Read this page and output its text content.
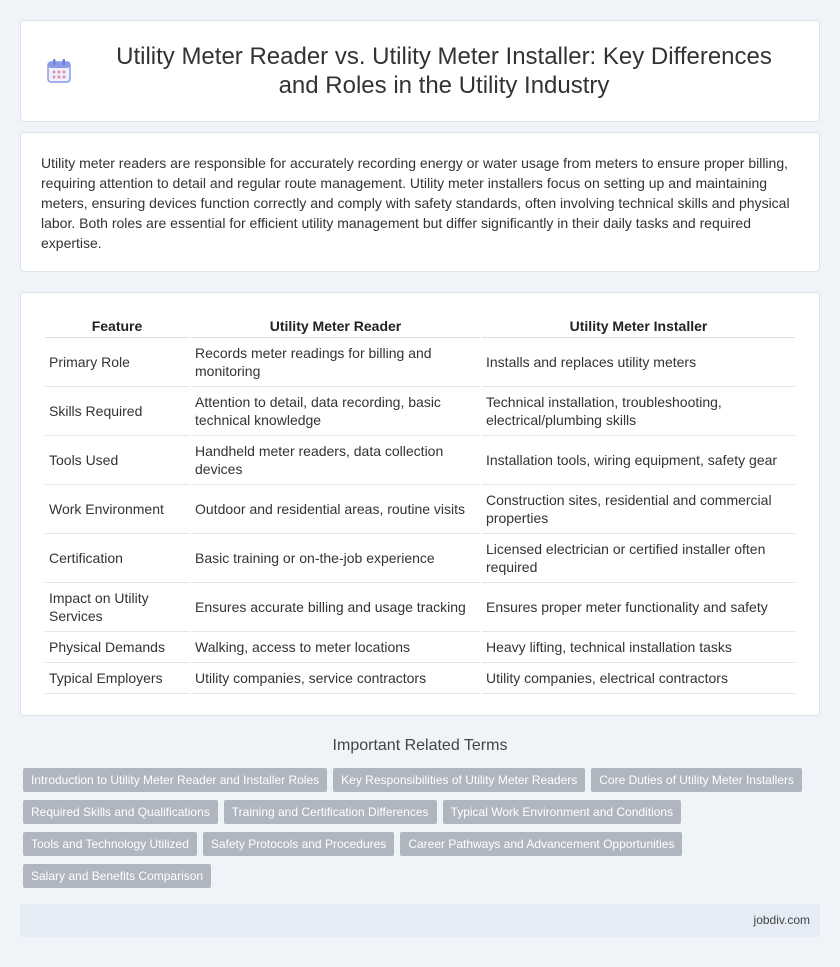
Utility Meter Reader vs. Utility Meter Installer: Key Differences and Roles in the Utility Industry

Utility meter readers are responsible for accurately recording energy or water usage from meters to ensure proper billing, requiring attention to detail and regular route management. Utility meter installers focus on setting up and maintaining meters, ensuring devices function correctly and comply with safety standards, often involving technical skills and physical labor. Both roles are essential for efficient utility management but differ significantly in their daily tasks and required expertise.

Feature	Utility Meter Reader	Utility Meter Installer
Primary Role	Records meter readings for billing and monitoring	Installs and replaces utility meters
Skills Required	Attention to detail, data recording, basic technical knowledge	Technical installation, troubleshooting, electrical/plumbing skills
Tools Used	Handheld meter readers, data collection devices	Installation tools, wiring equipment, safety gear
Work Environment	Outdoor and residential areas, routine visits	Construction sites, residential and commercial properties
Certification	Basic training or on-the-job experience	Licensed electrician or certified installer often required
Impact on Utility Services	Ensures accurate billing and usage tracking	Ensures proper meter functionality and safety
Physical Demands	Walking, access to meter locations	Heavy lifting, technical installation tasks
Typical Employers	Utility companies, service contractors	Utility companies, electrical contractors
Important Related Terms
Introduction to Utility Meter Reader and Installer Roles	Key Responsibilities of Utility Meter Readers	Core Duties of Utility Meter Installers
Required Skills and Qualifications	Training and Certification Differences	Typical Work Environment and Conditions
Tools and Technology Utilized	Safety Protocols and Procedures	Career Pathways and Advancement Opportunities
Salary and Benefits Comparison
jobdiv.com
